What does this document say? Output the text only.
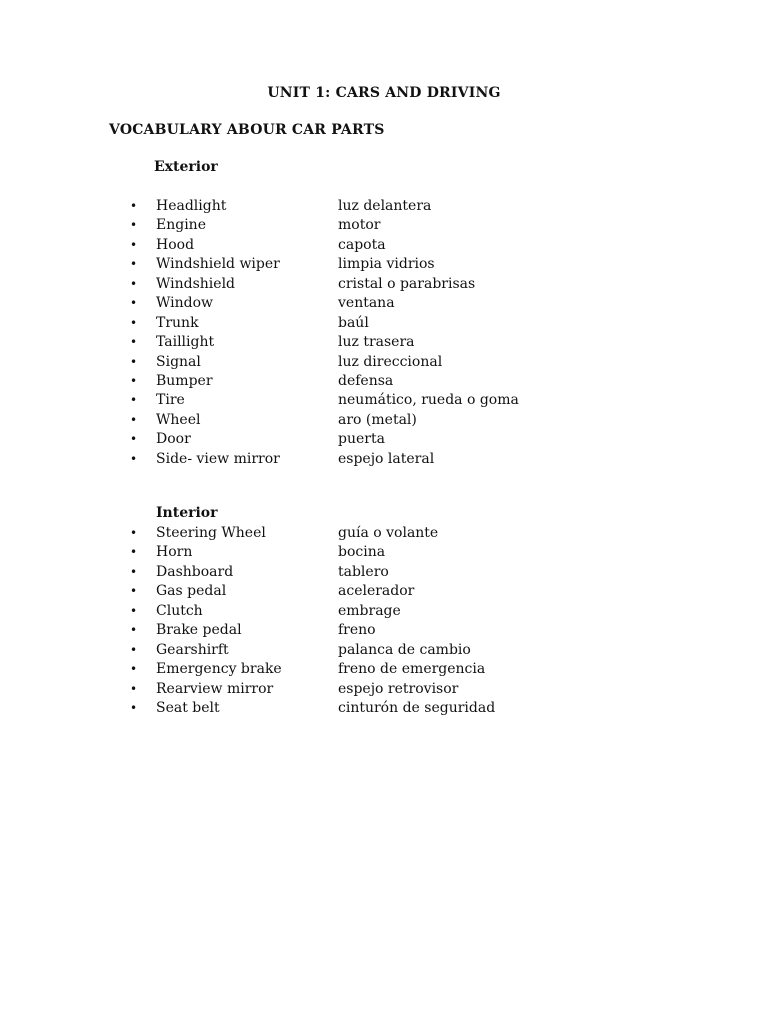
UNIT 1: CARS AND DRIVING
VOCABULARY ABOUR CAR PARTS
Exterior
• Headlight	luz delantera
• Engine	motor
• Hood	capota
• Windshield wiper	limpia vidrios
• Windshield	cristal o parabrisas
• Window	ventana
• Trunk	baúl
• Taillight	luz trasera
• Signal	luz direccional
• Bumper	defensa
• Tire	neumático, rueda o goma
• Wheel	aro (metal)
• Door	puerta
• Side- view mirror	espejo lateral
Interior
• Steering Wheel	guía o volante
• Horn	bocina
• Dashboard	tablero
• Gas pedal	acelerador
• Clutch	embrage
• Brake pedal	freno
• Gearshirft	palanca de cambio
• Emergency brake	freno de emergencia
• Rearview mirror	espejo retrovisor
• Seat belt	cinturón de seguridad
